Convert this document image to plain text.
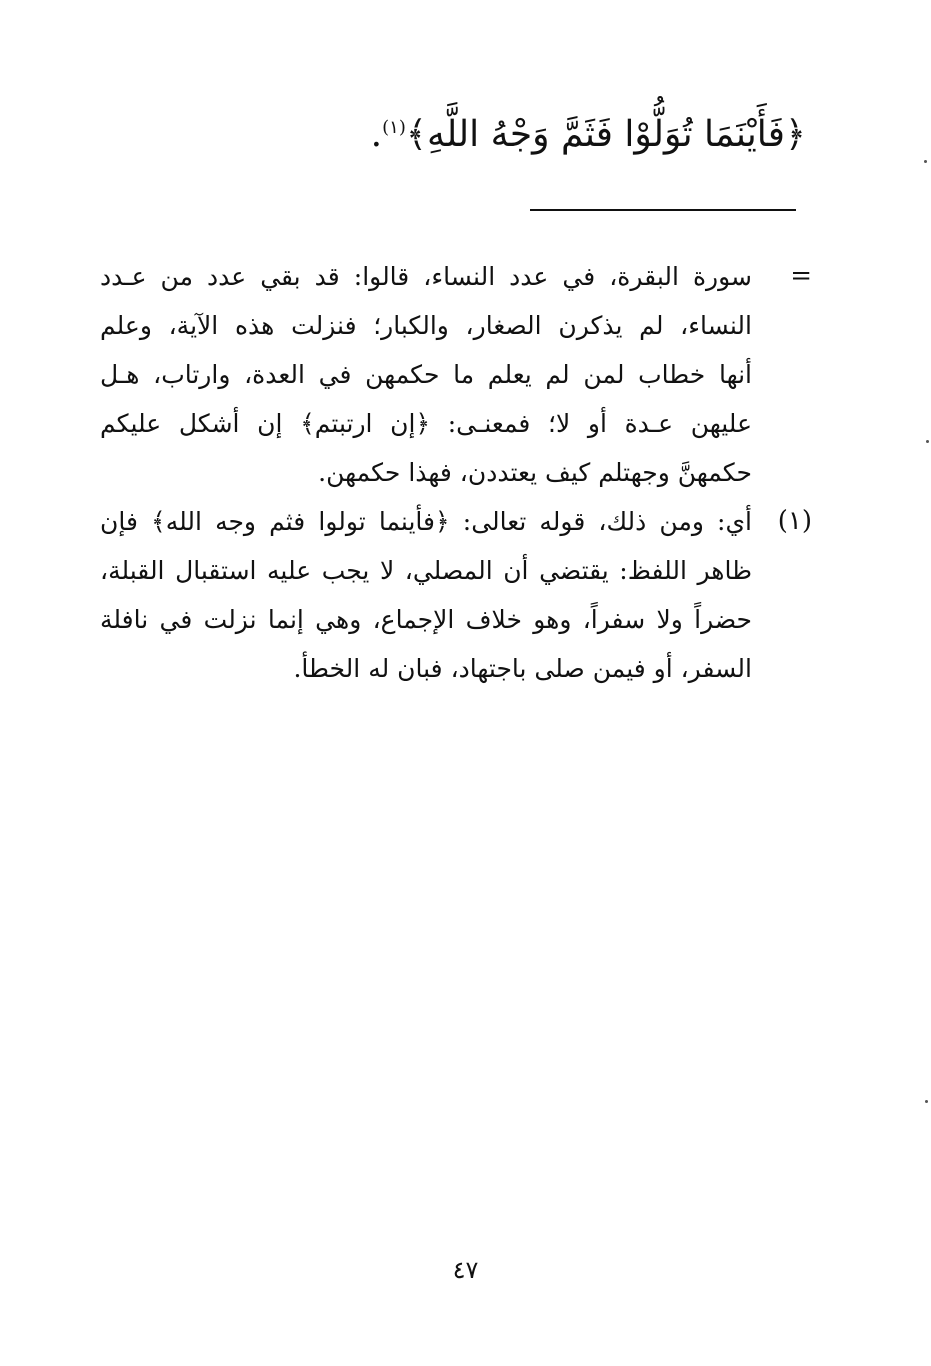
﴿فَأَيْنَمَا تُوَلُّوْا فَثَمَّ وَجْهُ اللَّهِ﴾$^{(١)}$.
=
سورة البقرة، في عدد النساء، قالوا: قد بقي عدد من عـدد
النساء، لم يذكرن الصغار، والكبار؛ فنزلت هذه الآية، وعلم
أنها خطاب لمن لم يعلم ما حكمهن في العدة، وارتاب، هـل
عليهن عـدة أو لا؛ فمعنـى: ﴿إن ارتبتم﴾ إن أشكل عليكم
حكمهنَّ وجهتلم كيف يعتددن، فهذا حكمهن.
(١)
أي: ومن ذلك، قوله تعالى: ﴿فأينما تولوا فثم وجه الله﴾ فإن
ظاهر اللفظ: يقتضي أن المصلي، لا يجب عليه استقبال القبلة،
حضراً ولا سفراً، وهو خلاف الإجماع، وهي إنما نزلت في نافلة
السفر، أو فيمن صلى باجتهاد، فبان له الخطأ.
٤٧
